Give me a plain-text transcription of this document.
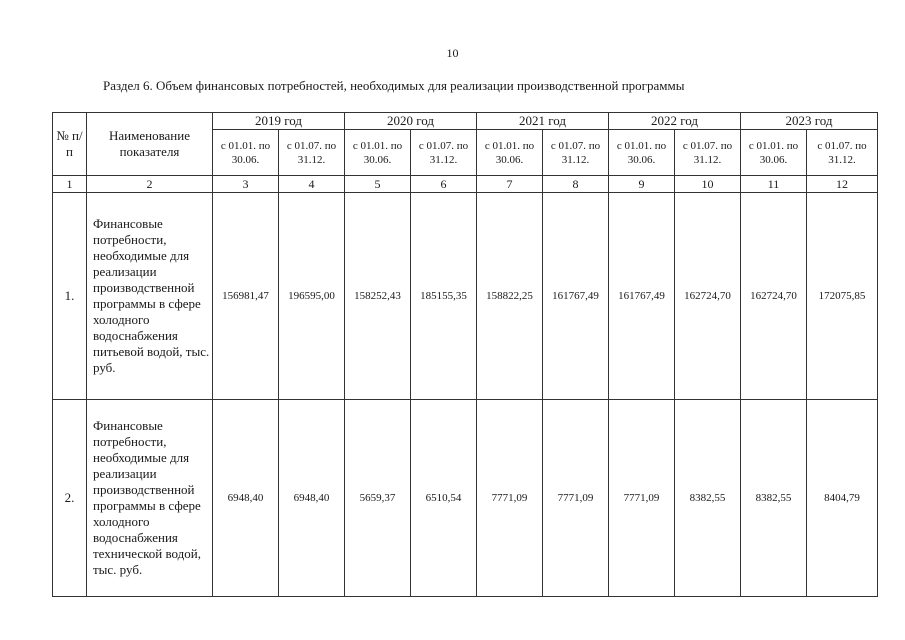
10
Раздел 6. Объем финансовых потребностей, необходимых для реализации производственной программы
№ п/п	Наименование показателя	2019 год		2020 год		2021 год		2022 год		2023 год	
		с 01.01. по 30.06.	с 01.07. по 31.12.	с 01.01. по 30.06.	с 01.07. по 31.12.	с 01.01. по 30.06.	с 01.07. по 31.12.	с 01.01. по 30.06.	с 01.07. по 31.12.	с 01.01. по 30.06.	с 01.07. по 31.12.
1	2	3	4	5	6	7	8	9	10	11	12
1.	Финансовые потребности, необходимые для реализации производственной программы в сфере холодного водоснабжения питьевой водой, тыс. руб.	156981,47	196595,00	158252,43	185155,35	158822,25	161767,49	161767,49	162724,70	162724,70	172075,85
2.	Финансовые потребности, необходимые для реализации производственной программы в сфере холодного водоснабжения технической водой, тыс. руб.	6948,40	6948,40	5659,37	6510,54	7771,09	7771,09	7771,09	8382,55	8382,55	8404,79
